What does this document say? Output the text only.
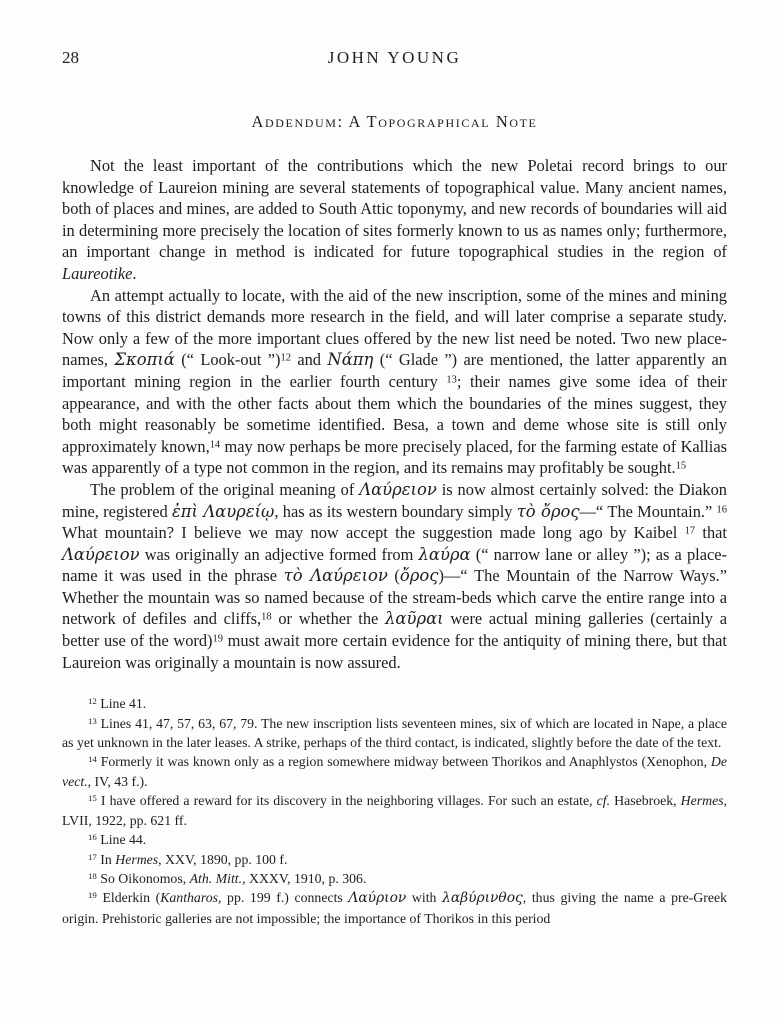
28	JOHN YOUNG
Addendum: A Topographical Note

Not the least important of the contributions which the new Poletai record brings to our knowledge of Laureion mining are several statements of topographical value. Many ancient names, both of places and mines, are added to South Attic toponymy, and new records of boundaries will aid in determining more precisely the location of sites formerly known to us as names only; furthermore, an important change in method is indicated for future topographical studies in the region of Laureotike.

An attempt actually to locate, with the aid of the new inscription, some of the mines and mining towns of this district demands more research in the field, and will later comprise a separate study. Now only a few of the more important clues offered by the new list need be noted. Two new place-names, Σκοπιά (“ Look-out ”)$^{12}$ and Νάπη (“ Glade ”) are mentioned, the latter apparently an important mining region in the earlier fourth century $^{13}$; their names give some idea of their appearance, and with the other facts about them which the boundaries of the mines suggest, they both might reasonably be sometime identified. Besa, a town and deme whose site is still only approximately known,$^{14}$ may now perhaps be more precisely placed, for the farming estate of Kallias was apparently of a type not common in the region, and its remains may profitably be sought.$^{15}$

The problem of the original meaning of Λαύρειον is now almost certainly solved: the Diakon mine, registered ἐπὶ Λαυρείῳ, has as its western boundary simply τὸ ὄρος—“ The Mountain.” $^{16}$ What mountain? I believe we may now accept the suggestion made long ago by Kaibel $^{17}$ that Λαύρειον was originally an adjective formed from λαύρα (“ narrow lane or alley ”); as a place-name it was used in the phrase τὸ Λαύρειον (ὄρος)—“ The Mountain of the Narrow Ways.” Whether the mountain was so named because of the stream-beds which carve the entire range into a network of defiles and cliffs,$^{18}$ or whether the λαῦραι were actual mining galleries (certainly a better use of the word)$^{19}$ must await more certain evidence for the antiquity of mining there, but that Laureion was originally a mountain is now assured.

$^{12}$ Line 41.

$^{13}$ Lines 41, 47, 57, 63, 67, 79. The new inscription lists seventeen mines, six of which are located in Nape, a place as yet unknown in the later leases. A strike, perhaps of the third contact, is indicated, slightly before the date of the text.

$^{14}$ Formerly it was known only as a region somewhere midway between Thorikos and Anaphlystos (Xenophon, De vect., IV, 43 f.).

$^{15}$ I have offered a reward for its discovery in the neighboring villages. For such an estate, cf. Hasebroek, Hermes, LVII, 1922, pp. 621 ff.

$^{16}$ Line 44.

$^{17}$ In Hermes, XXV, 1890, pp. 100 f.

$^{18}$ So Oikonomos, Ath. Mitt., XXXV, 1910, p. 306.

$^{19}$ Elderkin (Kantharos, pp. 199 f.) connects Λαύριον with λαβύρινθος, thus giving the name a pre-Greek origin. Prehistoric galleries are not impossible; the importance of Thorikos in this period
